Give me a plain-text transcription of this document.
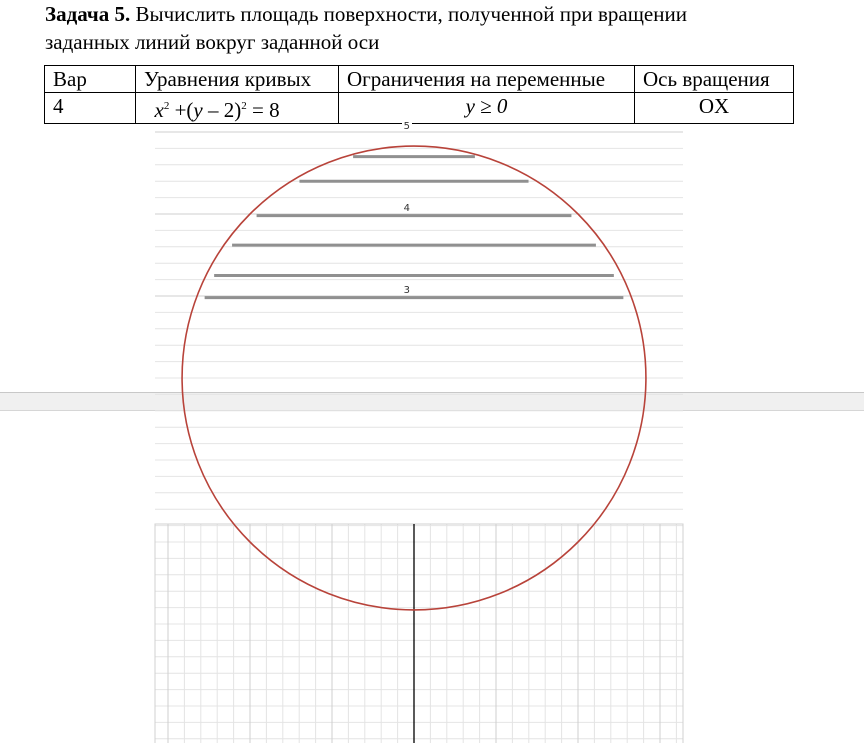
Задача 5. Вычислить площадь поверхности, полученной при вращении
заданных линий вокруг заданной оси
Вар	Уравнения кривых	Ограничения на переменные	Ось вращения
4	$x^2 +(y - 2)^2 = 8$	y ≥ 0	OX
5
4
3
